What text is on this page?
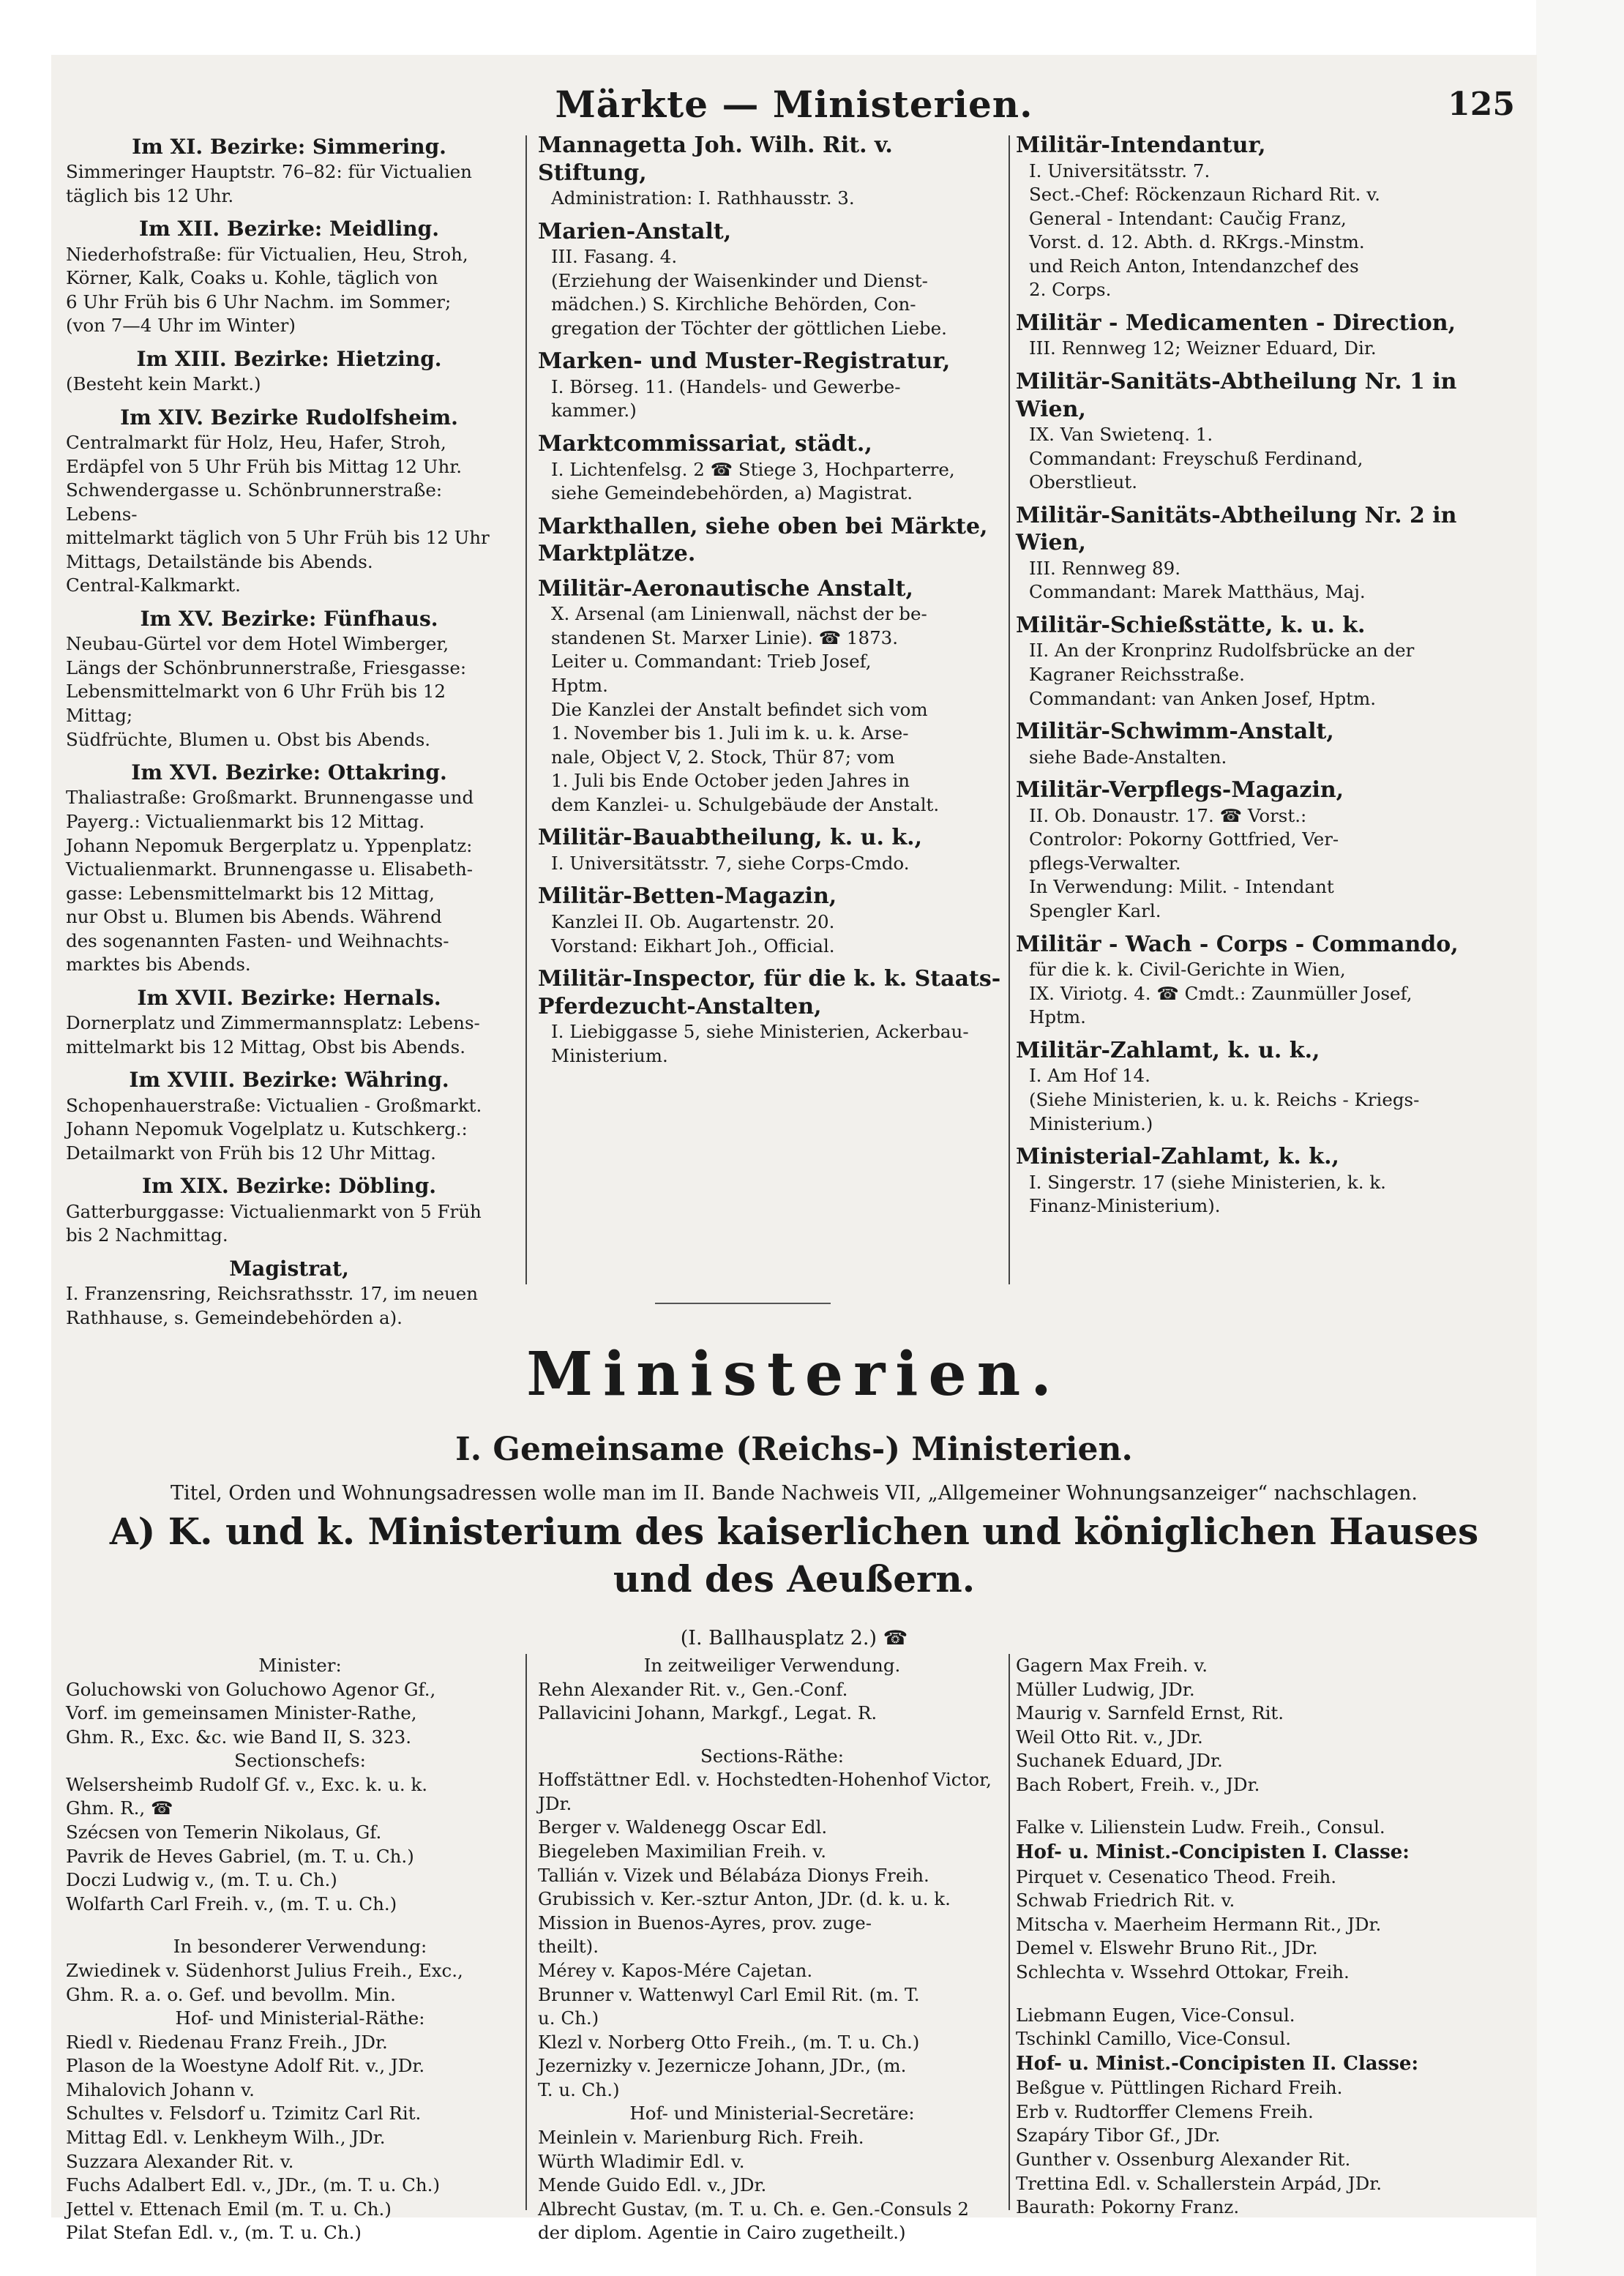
Märkte — Ministerien.	125
Im XI. Bezirke: Simmering.
Simmeringer Hauptstr. 76–82: für Victualien
täglich bis 12 Uhr.
Im XII. Bezirke: Meidling.
Niederhofstraße: für Victualien, Heu, Stroh,
Körner, Kalk, Coaks u. Kohle, täglich von
6 Uhr Früh bis 6 Uhr Nachm. im Sommer;
(von 7—4 Uhr im Winter)
Im XIII. Bezirke: Hietzing.
(Besteht kein Markt.)
Im XIV. Bezirke Rudolfsheim.
Centralmarkt für Holz, Heu, Hafer, Stroh,
Erdäpfel von 5 Uhr Früh bis Mittag 12 Uhr.
Schwendergasse u. Schönbrunnerstraße: Lebens-
mittelmarkt täglich von 5 Uhr Früh bis 12 Uhr
Mittags, Detailstände bis Abends.
Central-Kalkmarkt.
Im XV. Bezirke: Fünfhaus.
Neubau-Gürtel vor dem Hotel Wimberger,
Längs der Schönbrunnerstraße, Friesgasse:
Lebensmittelmarkt von 6 Uhr Früh bis 12 Mittag;
Südfrüchte, Blumen u. Obst bis Abends.
Im XVI. Bezirke: Ottakring.
Thaliastraße: Großmarkt. Brunnengasse und
Payerg.: Victualienmarkt bis 12 Mittag.
Johann Nepomuk Bergerplatz u. Yppenplatz:
Victualienmarkt. Brunnengasse u. Elisabeth-
gasse: Lebensmittelmarkt bis 12 Mittag,
nur Obst u. Blumen bis Abends. Während
des sogenannten Fasten- und Weihnachts-
marktes bis Abends.
Im XVII. Bezirke: Hernals.
Dornerplatz und Zimmermannsplatz: Lebens-
mittelmarkt bis 12 Mittag, Obst bis Abends.
Im XVIII. Bezirke: Währing.
Schopenhauerstraße: Victualien - Großmarkt.
Johann Nepomuk Vogelplatz u. Kutschkerg.:
Detailmarkt von Früh bis 12 Uhr Mittag.
Im XIX. Bezirke: Döbling.
Gatterburggasse: Victualienmarkt von 5 Früh
bis 2 Nachmittag.
Magistrat,
I. Franzensring, Reichsrathsstr. 17, im neuen
Rathhause, s. Gemeindebehörden a).
Mannagetta Joh. Wilh. Rit. v. Stiftung,
Administration: I. Rathhausstr. 3.
Marien-Anstalt,
III. Fasang. 4.
(Erziehung der Waisenkinder und Dienst-
mädchen.) S. Kirchliche Behörden, Con-
gregation der Töchter der göttlichen Liebe.
Marken- und Muster-Registratur,
I. Börseg. 11. (Handels- und Gewerbe-
kammer.)
Marktcommissariat, städt.,
I. Lichtenfelsg. 2 ☎ Stiege 3, Hochparterre,
siehe Gemeindebehörden, a) Magistrat.
Markthallen, siehe oben bei Märkte, Marktplätze.
Militär-Aeronautische Anstalt,
X. Arsenal (am Linienwall, nächst der be-
standenen St. Marxer Linie). ☎ 1873.
Leiter u. Commandant: Trieb Josef,
Hptm.
Die Kanzlei der Anstalt befindet sich vom
1. November bis 1. Juli im k. u. k. Arse-
nale, Object V, 2. Stock, Thür 87; vom
1. Juli bis Ende October jeden Jahres in
dem Kanzlei- u. Schulgebäude der Anstalt.
Militär-Bauabtheilung, k. u. k.,
I. Universitätsstr. 7, siehe Corps-Cmdo.
Militär-Betten-Magazin,
Kanzlei II. Ob. Augartenstr. 20.
Vorstand: Eikhart Joh., Official.
Militär-Inspector, für die k. k. Staats-Pferdezucht-Anstalten,
I. Liebiggasse 5, siehe Ministerien, Ackerbau-
Ministerium.
Militär-Intendantur,
I. Universitätsstr. 7.
Sect.-Chef: Röckenzaun Richard Rit. v.
General - Intendant: Caučig Franz,
Vorst. d. 12. Abth. d. RKrgs.-Minstm.
und Reich Anton, Intendanzchef des
2. Corps.
Militär - Medicamenten - Direction,
III. Rennweg 12; Weizner Eduard, Dir.
Militär-Sanitäts-Abtheilung Nr. 1 in Wien,
IX. Van Swietenq. 1.
Commandant: Freyschuß Ferdinand,
Oberstlieut.
Militär-Sanitäts-Abtheilung Nr. 2 in Wien,
III. Rennweg 89.
Commandant: Marek Matthäus, Maj.
Militär-Schießstätte, k. u. k.
II. An der Kronprinz Rudolfsbrücke an der
Kagraner Reichsstraße.
Commandant: van Anken Josef, Hptm.
Militär-Schwimm-Anstalt,
siehe Bade-Anstalten.
Militär-Verpflegs-Magazin,
II. Ob. Donaustr. 17. ☎ Vorst.:
Controlor: Pokorny Gottfried, Ver-
pflegs-Verwalter.
In Verwendung: Milit. - Intendant
Spengler Karl.
Militär - Wach - Corps - Commando,
für die k. k. Civil-Gerichte in Wien,
IX. Viriotg. 4. ☎ Cmdt.: Zaunmüller Josef,
Hptm.
Militär-Zahlamt, k. u. k.,
I. Am Hof 14.
(Siehe Ministerien, k. u. k. Reichs - Kriegs-
Ministerium.)
Ministerial-Zahlamt, k. k.,
I. Singerstr. 17 (siehe Ministerien, k. k.
Finanz-Ministerium).
Ministerien.
I. Gemeinsame (Reichs-) Ministerien.
Titel, Orden und Wohnungsadressen wolle man im II. Bande Nachweis VII, „Allgemeiner Wohnungsanzeiger“ nachschlagen.
A) K. und k. Ministerium des kaiserlichen und königlichen Hauses und des Aeußern.
(I. Ballhausplatz 2.) ☎
Minister:
Goluchowski von Goluchowo Agenor Gf.,
Vorf. im gemeinsamen Minister-Rathe,
Ghm. R., Exc. &c. wie Band II, S. 323.
Sectionschefs:
Welsersheimb Rudolf Gf. v., Exc. k. u. k.
Ghm. R., ☎
Szécsen von Temerin Nikolaus, Gf.
Pavrik de Heves Gabriel, (m. T. u. Ch.)
Doczi Ludwig v., (m. T. u. Ch.)
Wolfarth Carl Freih. v., (m. T. u. Ch.)
In besonderer Verwendung:
Zwiedinek v. Südenhorst Julius Freih., Exc.,
Ghm. R. a. o. Gef. und bevollm. Min.
Hof- und Ministerial-Räthe:
Riedl v. Riedenau Franz Freih., JDr.
Plason de la Woestyne Adolf Rit. v., JDr.
Mihalovich Johann v.
Schultes v. Felsdorf u. Tzimitz Carl Rit.
Mittag Edl. v. Lenkheym Wilh., JDr.
Suzzara Alexander Rit. v.
Fuchs Adalbert Edl. v., JDr., (m. T. u. Ch.)
Jettel v. Ettenach Emil (m. T. u. Ch.)
Pilat Stefan Edl. v., (m. T. u. Ch.)
In zeitweiliger Verwendung.
Rehn Alexander Rit. v., Gen.-Conf.
Pallavicini Johann, Markgf., Legat. R.
Sections-Räthe:
Hoffstättner Edl. v. Hochstedten-Hohenhof Victor,
JDr.
Berger v. Waldenegg Oscar Edl.
Biegeleben Maximilian Freih. v.
Tallián v. Vizek und Bélabáza Dionys Freih.
Grubissich v. Ker.-sztur Anton, JDr. (d. k. u. k.
Mission in Buenos-Ayres, prov. zuge-
theilt).
Mérey v. Kapos-Mére Cajetan.
Brunner v. Wattenwyl Carl Emil Rit. (m. T.
u. Ch.)
Klezl v. Norberg Otto Freih., (m. T. u. Ch.)
Jezernizky v. Jezernicze Johann, JDr., (m.
T. u. Ch.)
Hof- und Ministerial-Secretäre:
Meinlein v. Marienburg Rich. Freih.
Würth Wladimir Edl. v.
Mende Guido Edl. v., JDr.
Albrecht Gustav, (m. T. u. Ch. e. Gen.-Consuls 2
der diplom. Agentie in Cairo zugetheilt.)
Gagern Max Freih. v.
Müller Ludwig, JDr.
Maurig v. Sarnfeld Ernst, Rit.
Weil Otto Rit. v., JDr.
Suchanek Eduard, JDr.
Bach Robert, Freih. v., JDr.
Falke v. Lilienstein Ludw. Freih., Consul.
Hof- u. Minist.-Concipisten I. Classe:
Pirquet v. Cesenatico Theod. Freih.
Schwab Friedrich Rit. v.
Mitscha v. Maerheim Hermann Rit., JDr.
Demel v. Elswehr Bruno Rit., JDr.
Schlechta v. Wssehrd Ottokar, Freih.
Liebmann Eugen, Vice-Consul.
Tschinkl Camillo, Vice-Consul.
Hof- u. Minist.-Concipisten II. Classe:
Beßgue v. Püttlingen Richard Freih.
Erb v. Rudtorffer Clemens Freih.
Szapáry Tibor Gf., JDr.
Gunther v. Ossenburg Alexander Rit.
Trettina Edl. v. Schallerstein Arpád, JDr.
Baurath: Pokorny Franz.
